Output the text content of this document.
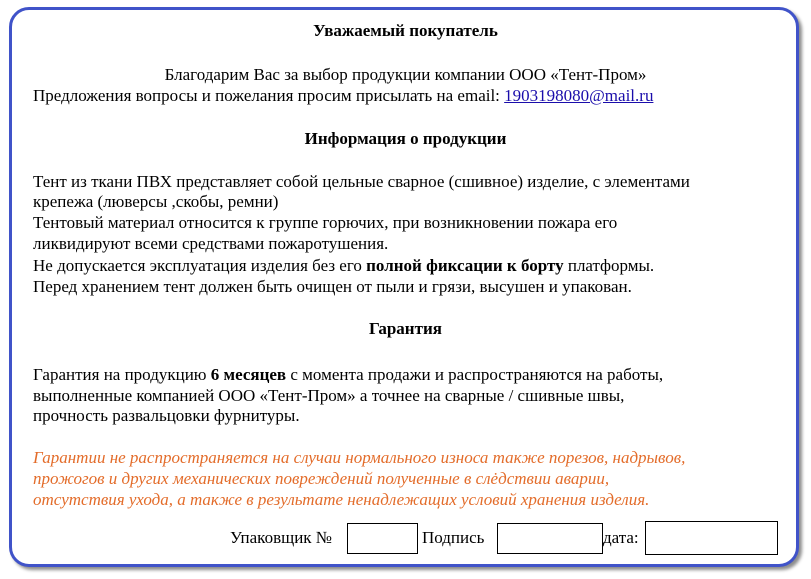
Уважаемый покупатель
Благодарим Вас за выбор продукции компании ООО «Тент-Пром»
Предложения вопросы и пожелания просим присылать на email: 1903198080@mail.ru
Информация о продукции
Тент из ткани ПВХ представляет собой цельные сварное (сшивное) изделие, с элементами
крепежа (люверсы ,скобы, ремни)
Тентовый материал относится к группе горючих, при возникновении пожара его
ликвидируют всеми средствами пожаротушения.
Не допускается эксплуатация изделия без его полной фиксации к борту платформы.
Перед хранением тент должен быть очищен от пыли и грязи, высушен и упакован.
Гарантия
Гарантия на продукцию 6 месяцев с момента продажи и распространяются на работы,
выполненные компанией ООО «Тент-Пром» а точнее на сварные / сшивные швы,
прочность развальцовки фурнитуры.
Гарантии не распространяется на случаи нормального износа также порезов, надрывов,
прожогов и других механических повреждений полученные в слėдствии аварии,
отсутствия ухода, а также в результате ненадлежащих условий хранения изделия.
Упаковщик №	Подпись	дата:
